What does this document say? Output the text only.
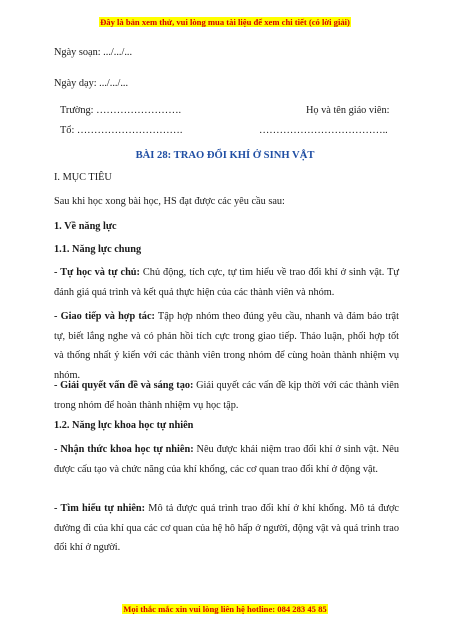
Đây là bản xem thử, vui lòng mua tài liệu để xem chi tiết (có lời giải)
Ngày soạn: .../.../...
Ngày dạy: .../.../...
Trường: …………………….	Họ và tên giáo viên:
Tổ: ………………………….	………………………………..
BÀI 28: TRAO ĐỔI KHÍ Ở SINH VẬT
I. MỤC TIÊU
Sau khi học xong bài học, HS đạt được các yêu cầu sau:
1. Về năng lực
1.1. Năng lực chung
- Tự học và tự chủ: Chủ động, tích cực, tự tìm hiểu về trao đổi khí ở sinh vật. Tự đánh giá quá trình và kết quả thực hiện của các thành viên và nhóm.
- Giao tiếp và hợp tác: Tập hợp nhóm theo đúng yêu cầu, nhanh và đảm bảo trật tự, biết lắng nghe và có phản hồi tích cực trong giao tiếp. Thảo luận, phối hợp tốt và thống nhất ý kiến với các thành viên trong nhóm để cùng hoàn thành nhiệm vụ nhóm.
- Giải quyết vấn đề và sáng tạo: Giải quyết các vấn đề kịp thời với các thành viên trong nhóm để hoàn thành nhiệm vụ học tập.
1.2. Năng lực khoa học tự nhiên
- Nhận thức khoa học tự nhiên: Nêu được khái niệm trao đổi khí ở sinh vật. Nêu được cấu tạo và chức năng của khí khổng, các cơ quan trao đổi khí ở động vật.
- Tìm hiểu tự nhiên: Mô tả được quá trình trao đổi khí ở khí khổng. Mô tả được đường đi của khí qua các cơ quan của hệ hô hấp ở người, động vật và quá trình trao đổi khí ở người.
Mọi thắc mắc xin vui lòng liên hệ hotline: 084 283 45 85
